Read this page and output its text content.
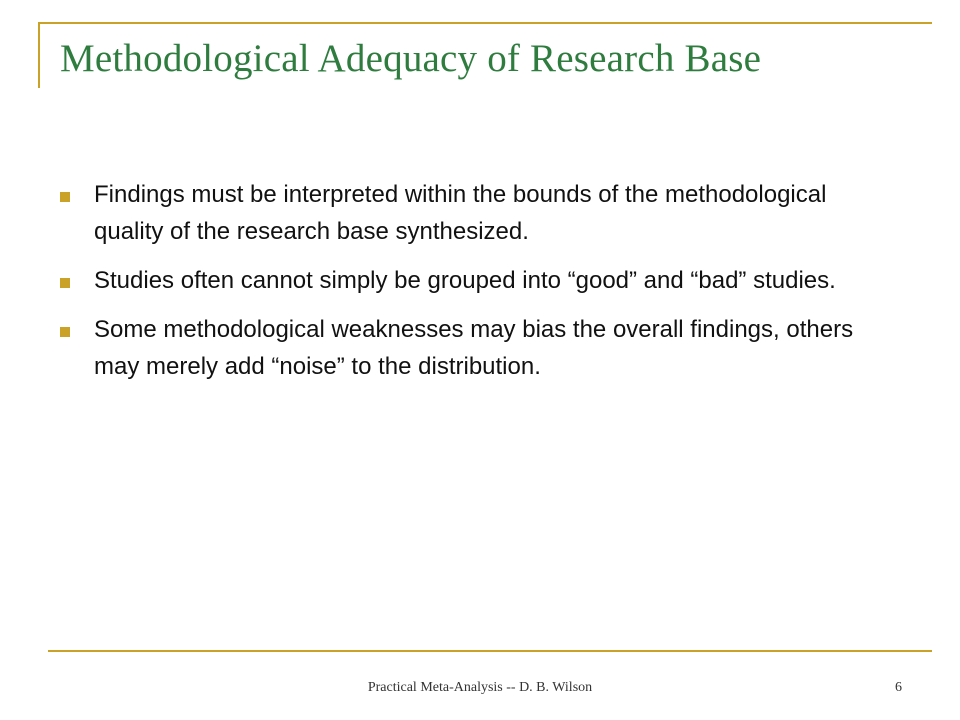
Methodological Adequacy of Research Base
Findings must be interpreted within the bounds of the methodological quality of the research base synthesized.
Studies often cannot simply be grouped into “good” and “bad” studies.
Some methodological weaknesses may bias the overall findings, others may merely add “noise” to the distribution.
Practical Meta-Analysis -- D. B. Wilson	6
